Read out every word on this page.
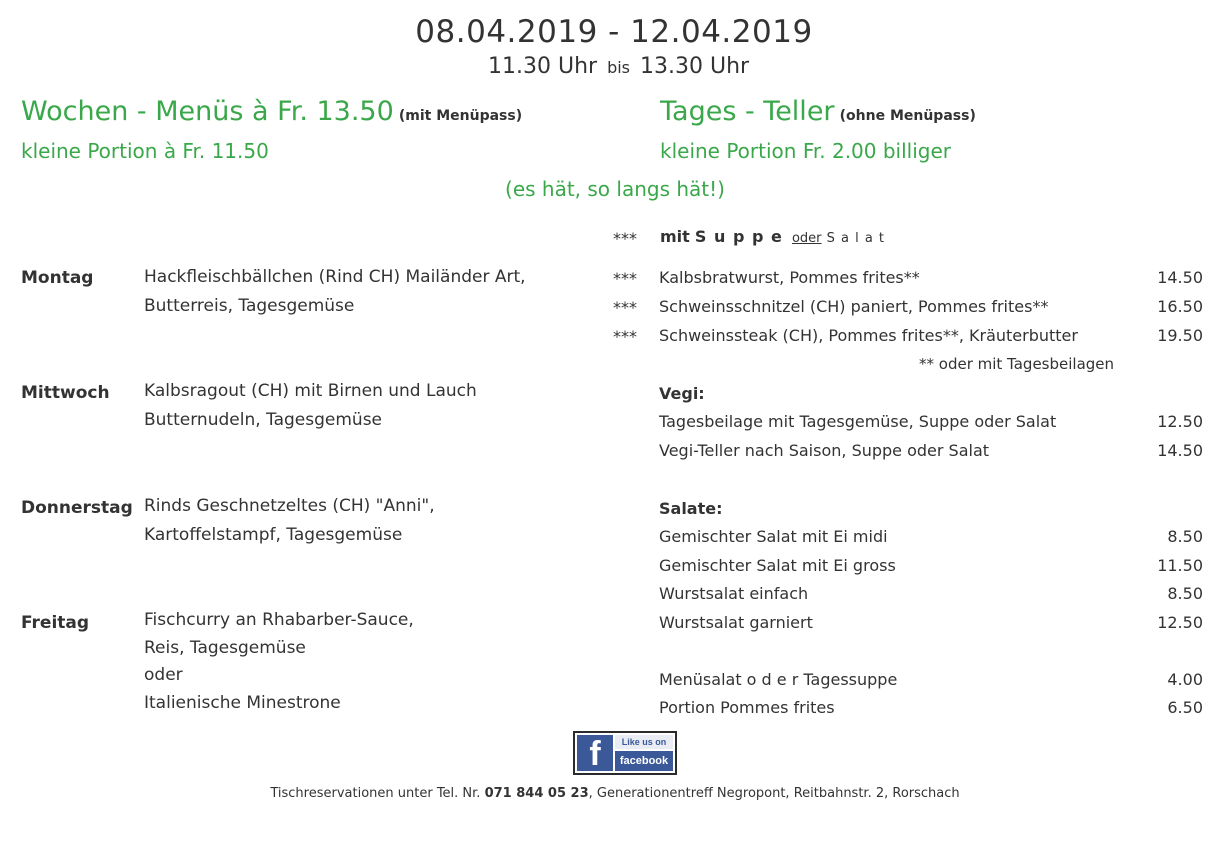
08.04.2019 - 12.04.2019
11.30 Uhr bis 13.30 Uhr
Wochen - Menüs à Fr. 13.50 (mit Menüpass)
kleine Portion à Fr. 11.50
Tages - Teller (ohne Menüpass)
kleine Portion Fr. 2.00 billiger
(es hät, so langs hät!)
Montag	Hackfleischbällchen (Rind CH) Mailänder Art,
Butterreis, Tagesgemüse
Mittwoch Kalbsragout (CH) mit Birnen und Lauch
Butternudeln, Tagesgemüse
Donnerstag Rinds Geschnetzeltes (CH) "Anni",
Kartoffelstampf, Tagesgemüse
Freitag	Fischcurry an Rhabarber-Sauce,
Reis, Tagesgemüse
oder
Italienische Minestrone
*** mit S u p p e oder S a l a t
*** Kalbsbratwurst, Pommes frites**	14.50
*** Schweinsschnitzel (CH) paniert, Pommes frites**	16.50
*** Schweinssteak (CH), Pommes frites**, Kräuterbutter	19.50
** oder mit Tagesbeilagen
Vegi:
Tagesbeilage mit Tagesgemüse, Suppe oder Salat	12.50
Vegi-Teller nach Saison, Suppe oder Salat	14.50
Salate:
Gemischter Salat mit Ei midi	8.50
Gemischter Salat mit Ei gross	11.50
Wurstsalat einfach	8.50
Wurstsalat garniert	12.50
Menüsalat o d e r Tagessuppe	4.00
Portion Pommes frites	6.50
f	Like us on
facebook
Tischreservationen unter Tel. Nr. 071 844 05 23, Generationentreff Negropont, Reitbahnstr. 2, Rorschach
